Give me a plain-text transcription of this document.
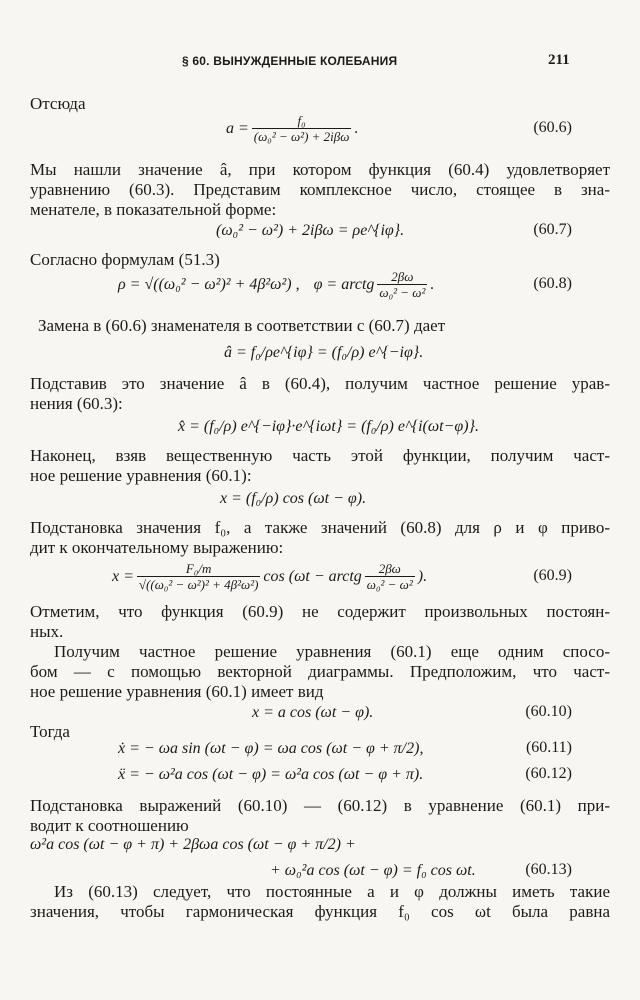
§ 60. ВЫНУЖДЕННЫЕ КОЛЕБАНИЯ	211
Отсюда
$a = \frac{\text{f₀}}{\text{(ω₀² − ω²) + 2iβω}}$ .	(60.6)
Мы нашли значение â, при котором функция (60.4) удовлетворяет
уравнению (60.3). Представим комплексное число, стоящее в зна-
менателе, в показательной форме:
(ω₀² − ω²) + 2iβω = ρe^{iφ}.	(60.7)
Согласно формулам (51.3)
ρ = √((ω₀² − ω²)² + 4β²ω²) , φ = arctg $\frac{2\beta\omega}{\text{ω₀² − ω²}}$ .	(60.8)
Замена в (60.6) знаменателя в соответствии с (60.7) дает
â = f₀/ρe^{iφ} = (f₀/ρ) e^{−iφ}.
Подставив это значение â в (60.4), получим частное решение урав-
нения (60.3):
x̂ = (f₀/ρ) e^{−iφ}·e^{iωt} = (f₀/ρ) e^{i(ωt−φ)}.
Наконец, взяв вещественную часть этой функции, получим част-
ное решение уравнения (60.1):
x = (f₀/ρ) cos (ωt − φ).
Подстановка значения f₀, а также значений (60.8) для ρ и φ приво-
дит к окончательному выражению:
$x = \frac{\text{F₀/m}}{\text{√((ω₀² − ω²)² + 4β²ω²)}}$ cos (ωt − arctg $\frac{2\beta\omega}{\text{ω₀² − ω²}}$ ).	(60.9)
Отметим, что функция (60.9) не содержит произвольных постоян-
ных.
Получим частное решение уравнения (60.1) еще одним спосо-
бом — с помощью векторной диаграммы. Предположим, что част-
ное решение уравнения (60.1) имеет вид
x = a cos (ωt − φ).	(60.10)
Тогда
ẋ = − ωa sin (ωt − φ) = ωa cos (ωt − φ + π/2),	(60.11)
ẍ = − ω²a cos (ωt − φ) = ω²a cos (ωt − φ + π).	(60.12)
Подстановка выражений (60.10) — (60.12) в уравнение (60.1) при-
водит к соотношению
ω²a cos (ωt − φ + π) + 2βωa cos (ωt − φ + π/2) +
+ ω₀²a cos (ωt − φ) = f₀ cos ωt.	(60.13)
Из (60.13) следует, что постоянные a и φ должны иметь такие
значения, чтобы гармоническая функция f₀ cos ωt была равна
